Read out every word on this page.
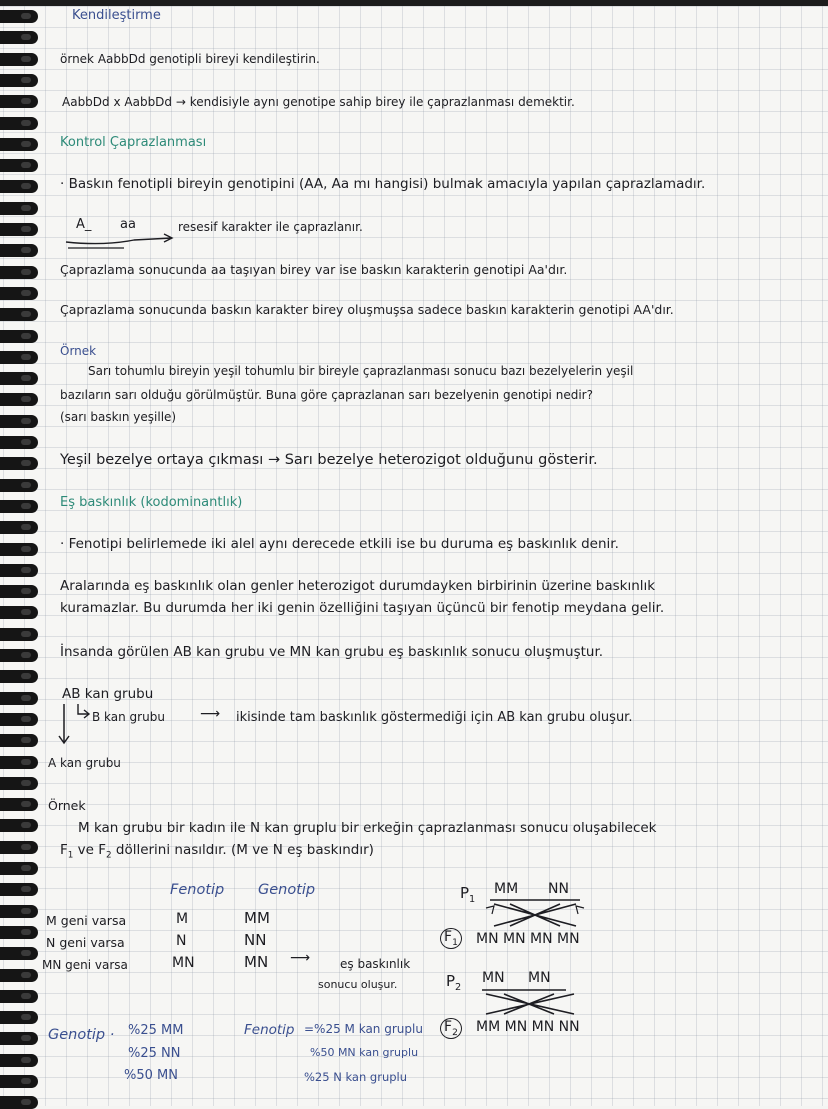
Kendileştirme
örnek AabbDd genotipli bireyi kendileştirin.
AabbDd x AabbDd → kendisiyle aynı genotipe sahip birey ile çaprazlanması demektir.
Kontrol Çaprazlanması
· Baskın fenotipli bireyin genotipini (AA, Aa mı hangisi) bulmak amacıyla yapılan çaprazlamadır.
A_ aa	resesif karakter ile çaprazlanır.
Çaprazlama sonucunda aa taşıyan birey var ise baskın karakterin genotipi Aa'dır.
Çaprazlama sonucunda baskın karakter birey oluşmuşsa sadece baskın karakterin genotipi AA'dır.
Örnek
Sarı tohumlu bireyin yeşil tohumlu bir bireyle çaprazlanması sonucu bazı bezelyelerin yeşil
bazıların sarı olduğu görülmüştür. Buna göre çaprazlanan sarı bezelyenin genotipi nedir?
(sarı baskın yeşille)
Yeşil bezelye ortaya çıkması → Sarı bezelye heterozigot olduğunu gösterir.
Eş baskınlık (kodominantlık)
· Fenotipi belirlemede iki alel aynı derecede etkili ise bu duruma eş baskınlık denir.
Aralarında eş baskınlık olan genler heterozigot durumdayken birbirinin üzerine baskınlık
kuramazlar. Bu durumda her iki genin özelliğini taşıyan üçüncü bir fenotip meydana gelir.
İnsanda görülen AB kan grubu ve MN kan grubu eş baskınlık sonucu oluşmuştur.
AB kan grubu
B kan grubu	⟶ ikisinde tam baskınlık göstermediği için AB kan grubu oluşur.
A kan grubu
Örnek
M kan grubu bir kadın ile N kan gruplu bir erkeğin çaprazlanması sonucu oluşabilecek
$F_1$ ve $F_2$ döllerini nasıldır. (M ve N eş baskındır)
Fenotip Genotip
M geni varsa	M	MM
N geni varsa	N	NN
MN geni varsa	MN	MN ⟶ eş baskınlık
sonucu oluşur.
$P_1$
MM NN
$F_1$ MN MN MN MN
$P_2$
MN MN
$F_2$ MM MN MN NN
Genotip · %25 MM
%25 NN
%50 MN
Fenotip =%25 M kan gruplu
%50 MN kan gruplu
%25 N kan gruplu
